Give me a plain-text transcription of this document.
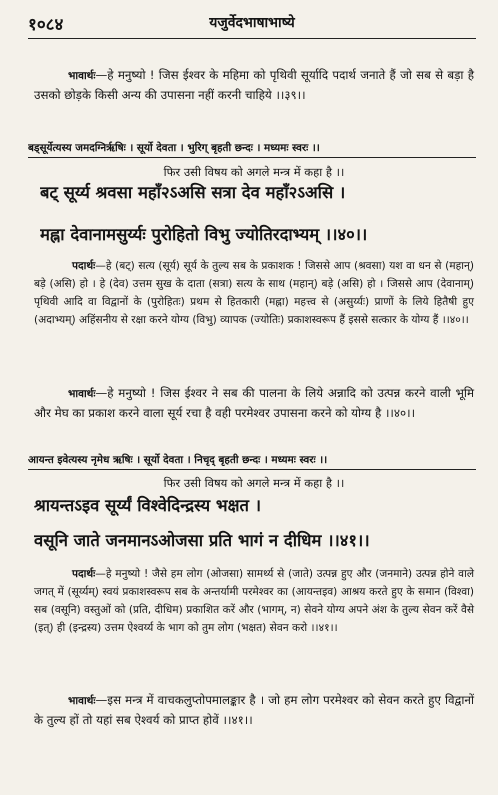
१०८४	यजुर्वेदभाषाभाष्ये
भावार्थः—हे मनुष्यो ! जिस ईश्वर के महिमा को पृथिवी सूर्यादि पदार्थ जनाते हैं जो सब से बड़ा है उसको छोड़के किसी अन्य की उपासना नहीं करनी चाहिये ।।३९।।
बड्सूर्येत्यस्य जमदग्निर्ऋषिः । सूर्यो देवता । भुरिग् बृहती छन्दः । मध्यमः स्वरः ।।
फिर उसी विषय को अगले मन्त्र में कहा है ।।
बट् सूर्य्य श्रवसा महाँ२ऽअसि सत्रा देव महाँ२ऽअसि ।
मह्ना देवानामसुर्य्यः पुरोहितो विभु ज्योतिरदाभ्यम् ।।४०।।
पदार्थः—हे (बट्) सत्य (सूर्य) सूर्य के तुल्य सब के प्रकाशक ! जिससे आप (श्रवसा) यश वा धन से (महान्) बड़े (असि) हो । हे (देव) उत्तम सुख के दाता (सत्रा) सत्य के साथ (महान्) बड़े (असि) हो । जिससे आप (देवानाम्) पृथिवी आदि वा विद्वानों के (पुरोहितः) प्रथम से हितकारी (मह्ना) महत्त्व से (असुर्य्यः) प्राणों के लिये हितैषी हुए (अदाभ्यम्) अहिंसनीय से रक्षा करने योग्य (विभु) व्यापक (ज्योतिः) प्रकाशस्वरूप हैं इससे सत्कार के योग्य हैं ।।४०।।
भावार्थः—हे मनुष्यो ! जिस ईश्वर ने सब की पालना के लिये अन्नादि को उत्पन्न करने वाली भूमि और मेघ का प्रकाश करने वाला सूर्य रचा है वही परमेश्वर उपासना करने को योग्य है ।।४०।।
आयन्त इवेत्यस्य नृमेध ऋषिः । सूर्यो देवता । निचृद् बृहती छन्दः । मध्यमः स्वरः ।।
फिर उसी विषय को अगले मन्त्र में कहा है ।।
श्रायन्तऽइव सूर्य्यं विश्वेदिन्द्रस्य भक्षत ।
वसूनि जाते जनमानऽओजसा प्रति भागं न दीधिम ।।४१।।
पदार्थः—हे मनुष्यो ! जैसे हम लोग (ओजसा) सामर्थ्य से (जाते) उत्पन्न हुए और (जनमाने) उत्पन्न होने वाले जगत् में (सूर्य्यम्) स्वयं प्रकाशस्वरूप सब के अन्तर्यामी परमेश्वर का (आयन्तइव) आश्रय करते हुए के समान (विश्वा) सब (वसूनि) वस्तुओं को (प्रति, दीधिम) प्रकाशित करें और (भागम्, न) सेवने योग्य अपने अंश के तुल्य सेवन करें वैसे (इत्) ही (इन्द्रस्य) उत्तम ऐश्वर्य्य के भाग को तुम लोग (भक्षत) सेवन करो ।।४१।।
भावार्थः—इस मन्त्र में वाचकलुप्तोपमालङ्कार है । जो हम लोग परमेश्वर को सेवन करते हुए विद्वानों के तुल्य हों तो यहां सब ऐश्वर्य को प्राप्त होवें ।।४१।।
